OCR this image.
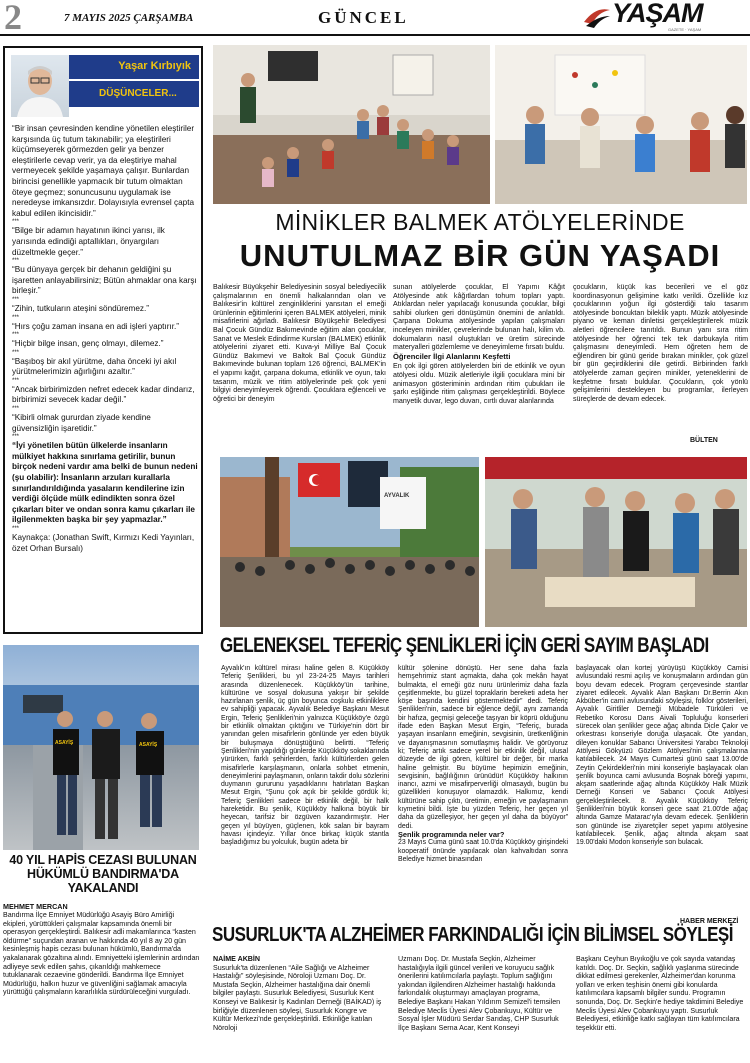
2	7 MAYIS 2025 ÇARŞAMBA	GÜNCEL	YAŞAM
GAZETE · YAŞAM
Yaşar Kırbıyık
DÜŞÜNCELER...

“Bir insan çevresinden kendine yönetilen eleştiriler karşısında üç tutum takınabilir; ya eleştirileri küçümseyerek görmezden gelir ya benzer eleştirilerle cevap verir, ya da eleştiriye mahal vermeyecek şekilde yaşamaya çalışır. Bunlardan birincisi genellikle yapmacık bir tutum olmaktan öteye geçmez; sonuncusunu uygulamak ise neredeyse imkansızdır. Dolayısıyla evrensel çapta kabul edilen ikincisidir.”

***

“Bilge bir adamın hayatının ikinci yarısı, ilk yarısında edindiği aptallıkları, önyargıları düzeltmekle geçer.”

***

“Bu dünyaya gerçek bir dehanın geldiğini şu işaretten anlayabilirsiniz; Bütün ahmaklar ona karşı birleşir.”

***

“Zihin, tutkuların ateşini söndüremez.”

***

“Hırs çoğu zaman insana en adi işleri yaptırır.”

***

“Hiçbir bilge insan, genç olmayı, dilemez.”

***

“Başıboş bir akıl yürütme, daha önceki iyi akıl yürütmelerimizin ağırlığını azaltır.”

***

“Ancak birbirimizden nefret edecek kadar dindarız, birbirimizi sevecek kadar değil.”

***

“Kibirli olmak gururdan ziyade kendine güvensizliğin işaretidir.”

***

“İyi yönetilen bütün ülkelerde insanların mülkiyet hakkına sınırlama getirilir, bunun birçok nedeni vardır ama belki de bunun nedeni (şu olabilir): İnsanların arzuları kurallarla sınırlandırıldığında yasaların kendilerine izin verdiği ölçüde mülk edindikten sonra özel çıkarları biter ve ondan sonra kamu çıkarları ile ilgilenmekten başka bir şey yapmazlar.”

***

Kaynakça: (Jonathan Swift, Kırmızı Kedi Yayınları, özet Orhan Bursalı)

ASAYİŞ	ASAYİŞ
40 YIL HAPİS CEZASI BULUNAN HÜKÜMLÜ BANDIRMA'DA YAKALANDI
MEHMET MERCAN
Bandırma İlçe Emniyet Müdürlüğü Asayiş Büro Amirliği ekipleri, yürüttükleri çalışmalar kapsamında önemli bir operasyon gerçekleştirdi. Balıkesir adli makamlarınca “kasten öldürme” suçundan aranan ve hakkında 40 yıl 8 ay 20 gün kesinleşmiş hapis cezası bulunan hükümlü, Bandırma'da yakalanarak gözaltına alındı. Emniyetteki işlemlerinin ardından adliyeye sevk edilen şahıs, çıkarıldığı mahkemece tutuklanarak cezaevine gönderildi. Bandırma İlçe Emniyet Müdürlüğü, halkın huzur ve güvenliğini sağlamak amacıyla yürüttüğü çalışmaların kararlılıkla sürdürüleceğini vurguladı.
MİNİKLER BALMEK ATÖLYELERİNDE
UNUTULMAZ BİR GÜN YAŞADI
Balıkesir Büyükşehir Belediyesinin sosyal belediyecilik çalışmalarının en önemli halkalarından olan ve Balıkesir'in kültürel zenginliklerini yansıtan el emeği ürünlerinin eğitimlerini içeren BALMEK atölyeleri, minik misafirlerini ağırladı. Balıkesir Büyükşehir Belediyesi Bal Çocuk Gündüz Bakımevinde eğitim alan çocuklar, Sanat ve Meslek Edindirme Kursları (BALMEK) etkinlik atölyelerini ziyaret etti. Kuva-yi Milliye Bal Çocuk Gündüz Bakımevi ve Baltok Bal Çocuk Gündüz Bakımevinde bulunan toplam 126 öğrenci, BALMEK'in el yapımı kağıt, çarpana dokuma, etkinlik ve oyun, takı tasarım, müzik ve ritim atölyelerinde pek çok yeni bilgiyi deneyimleyerek öğrendi. Çocuklara eğlenceli ve öğretici bir deneyim

sunan atölyelerde çocuklar, El Yapımı Kâğıt Atölyesinde atık kâğıtlardan tohum topları yaptı. Atıklardan neler yapılacağı konusunda çocuklar, bilgi sahibi olurken geri dönüşümün önemini de anlatıldı. Çarpana Dokuma atölyesinde yapılan çalışmaları inceleyen minikler, çevrelerinde bulunan halı, kilim vb. dokumaların nasıl oluştukları ve üretim sürecinde materyalleri gözlemleme ve deneyimleme fırsatı buldu.

Öğrenciler İlgi Alanlarını Keşfetti

En çok ilgi gören atölyelerden biri de etkinlik ve oyun atölyesi oldu. Müzik aletleriyle ilgili çocuklara mini bir animasyon gösteriminin ardından ritim çubukları ile şarkı eşliğinde ritim çalışması gerçekleştirildi. Böylece manyetik duvar, lego duvarı, cırtlı duvar alanlarında

çocukların, küçük kas becerileri ve el göz koordinasyonun gelişimine katkı verildi. Özellikle kız çocuklarının yoğun ilgi gösterdiği takı tasarım atölyesinde boncuktan bileklik yaptı. Müzik atölyesinde piyano ve keman dinletisi gerçekleştirilerek müzik aletleri öğrencilere tanıtıldı. Bunun yanı sıra ritim atölyesinde her öğrenci tek tek darbukayla ritim çalışmasını deneyimledi. Hem öğreten hem de eğlendiren bir günü geride bırakan minikler, çok güzel bir gün geçirdiklerini dile getirdi. Birbirinden farklı atölyelerde zaman geçiren minikler, yeteneklerini de keşfetme fırsatı buldular. Çocukların, çok yönlü gelişimlerini destekleyen bu programlar, ilerleyen süreçlerde de devam edecek.
BÜLTEN
AYVALIK
GELENEKSEL TEFERİÇ ŞENLİKLERİ İÇİN GERİ SAYIM BAŞLADI
Ayvalık'ın kültürel mirası haline gelen 8. Küçükköy Teferiç Şenlikleri, bu yıl 23-24-25 Mayıs tarihleri arasında düzenlenecek. Küçükköy'ün tarihine, kültürüne ve sosyal dokusuna yakışır bir şekilde hazırlanan şenlik, üç gün boyunca coşkulu etkinliklere ev sahipliği yapacak. Ayvalık Belediye Başkanı Mesut Ergin, Teferiç Şenlikleri'nin yalnızca Küçükköy'e özgü bir etkinlik olmaktan çıktığını ve Türkiye'nin dört bir yanından gelen misafirlerin gönlünde yer eden büyük bir buluşmaya dönüştüğünü belirtti. “Teferiç Şenlikleri'nin yapıldığı günlerde Küçükköy sokaklarında yürürken, farklı şehirlerden, farklı kültürlerden gelen misafirlerle karşılaşmanın, onlarla sohbet etmenin, deneyimlerini paylaşmanın, onların takdir dolu sözlerini duymanın gururunu yaşadıklarını hatırlatan Başkan Mesut Ergin, “Şunu çok açık bir şekilde gördük ki; Teferiç Şenlikleri sadece bir etkinlik değil, bir halk hareketidir. Bu şenlik, Küçükköy halkına büyük bir heyecan, tarifsiz bir özgüven kazandırmıştır. Her geçen yıl büyüyen, güçlenen, kök salan bir bayram havası içindeyiz. Yıllar önce birkaç küçük stantla başladığımız bu yolculuk, bugün adeta bir

kültür şölenine dönüştü. Her sene daha fazla hemşehrimiz stant açmakta, daha çok mekân hayat bulmakta, el emeği göz nuru ürünlerimiz daha fazla çeşitlenmekte, bu güzel topraklarin bereketi adeta her köşe başında kendini göstermektedir” dedi. Teferiç Şenlikleri'nin, sadece bir eğlence değil, aynı zamanda bir hafıza, geçmişi geleceğe taşıyan bir köprü olduğunu ifade eden Başkan Mesut Ergin, “Teferiç, burada yaşayan insanların emeğinin, sevgisinin, üretkenliğinin ve dayanışmasının somutlaşmış halidir. Ve görüyoruz ki; Teferiç artık sadece yerel bir etkinlik değil, ulusal düzeyde de ilgi gören, kültürel bir değer, bir marka haline gelmiştir. Bu büyüme hepimizin emeğinin, sevgisinin, bağlılığının ürünüdür! Küçükköy halkının inancı, azmi ve misafirperverliği olmasaydı, bugün bu güzellikleri konuşuyor olamazdık. Halkımız, kendi kültürüne sahip çıktı, üretimin, emeğin ve paylaşmanın kıymetini bildi. İşte bu yüzden Teferiç, her geçen yıl daha da güzelleşiyor, her geçen yıl daha da büyüyor” dedi.

Şenlik programında neler var?

23 Mayıs Cuma günü saat 10.0'da Küçükköy girişindeki kooperatif önünde yapılacak olan kahvaltıdan sonra Belediye hizmet binasından

başlayacak olan kortej yürüyüşü Küçükköy Camisi avlusundaki resmi açılış ve konuşmaların ardından gün boyu devam edecek. Program çerçevesinde stantlar ziyaret edilecek. Ayvalık Alan Başkanı Dr.Berrin Akın Akbüber'in cami avlusundaki söyleşisi, folklor gösterileri, Ayvalık Giritliler Derneği Mübadele Türküleri ve Rebetiko Korosu Dans Aivali Topluluğu konserleri sürecek olan şenlikler gece ağaç altında Dicle Çakır ve orkestrası konseriyle doruğa ulaşacak. Öte yandan, dileyen konuklar Sabancı Üniversitesi Yarabcı Teknoloji Atölyesi Gökyüzü Gözlem Atölyesi'nin çalışmalarına katılabilecek. 24 Mayıs Cumartesi günü saat 13.00'de Zeytin Çekirdekleri'nin mini konseriyle başlayacak olan şenlik boyunca cami avlusunda Boşnak böreği yapımı, akşam saatlerinde ağaç altında Küçükköy Halk Müzik Derneği Konseri ve Sabancı Çocuk Atölyesi gerçekleştirilecek. 8. Ayvalık Küçükköy Teferiç Şenlikleri'nin büyük konseri gece saat 21.00'de ağaç altında Gamze Matarac'ıyla devam edecek. Şenliklerin son gününde ise ziyaretçiler sepet yapımı atölyesine katılabilecek. Şenlik, ağaç altında akşam saat 19.00'daki Modon konseriyle son bulacak.
HABER MERKEZİ
SUSURLUK'TA ALZHEİMER FARKINDALIĞI İÇİN BİLİMSEL SÖYLEŞİ

NAİME AKBİN

Susurluk'ta düzenlenen “Aile Sağlığı ve Alzheimer Hastalığı” söyleşisinde, Nöroloji Uzmanı Doç. Dr. Mustafa Seçkin, Alzheimer hastalığına dair önemli bilgiler paylaştı. Susurluk Belediyesi, Susurluk Kent Konseyi ve Balıkesir İş Kadınları Derneği (BAİKAD) iş birliğiyle düzenlenen söyleşi, Susurluk Kongre ve Kültür Merkezi'nde gerçekleştirildi. Etkinliğe katılan Nöroloji

Uzmanı Doç. Dr. Mustafa Seçkin, Alzheimer hastalığıyla ilgili güncel verileri ve koruyucu sağlık önerilerini katılımcılarla paylaştı. Toplum sağlığını yakından ilgilendiren Alzheimer hastalığı hakkında farkındalık oluşturmayı amaçlayan programa, Belediye Başkanı Hakan Yıldırım Semizel'i temsilen Belediye Meclis Üyesi Alev Çobankuyu, Kültür ve Sosyal İşler Müdürü Serdar Sarıdaş, CHP Susurluk İlçe Başkanı Serna Acar, Kent Konseyi
Başkanı Ceyhun Bıyıkoğlu ve çok sayıda vatandaş katıldı. Doç. Dr. Seçkin, sağlıklı yaşlanma sürecinde dikkat edilmesi gerekenler, Alzheimer'dan korunma yolları ve erken teşhisin önemi gibi konularda katılımcılara kapsamlı bilgiler sundu. Programın sonunda, Doç. Dr. Seçkin'e hediye takdimini Belediye Meclis Üyesi Alev Çobankuyu yaptı. Susurluk Belediyesi, etkinliğe katkı sağlayan tüm katılımcılara teşekkür etti.
